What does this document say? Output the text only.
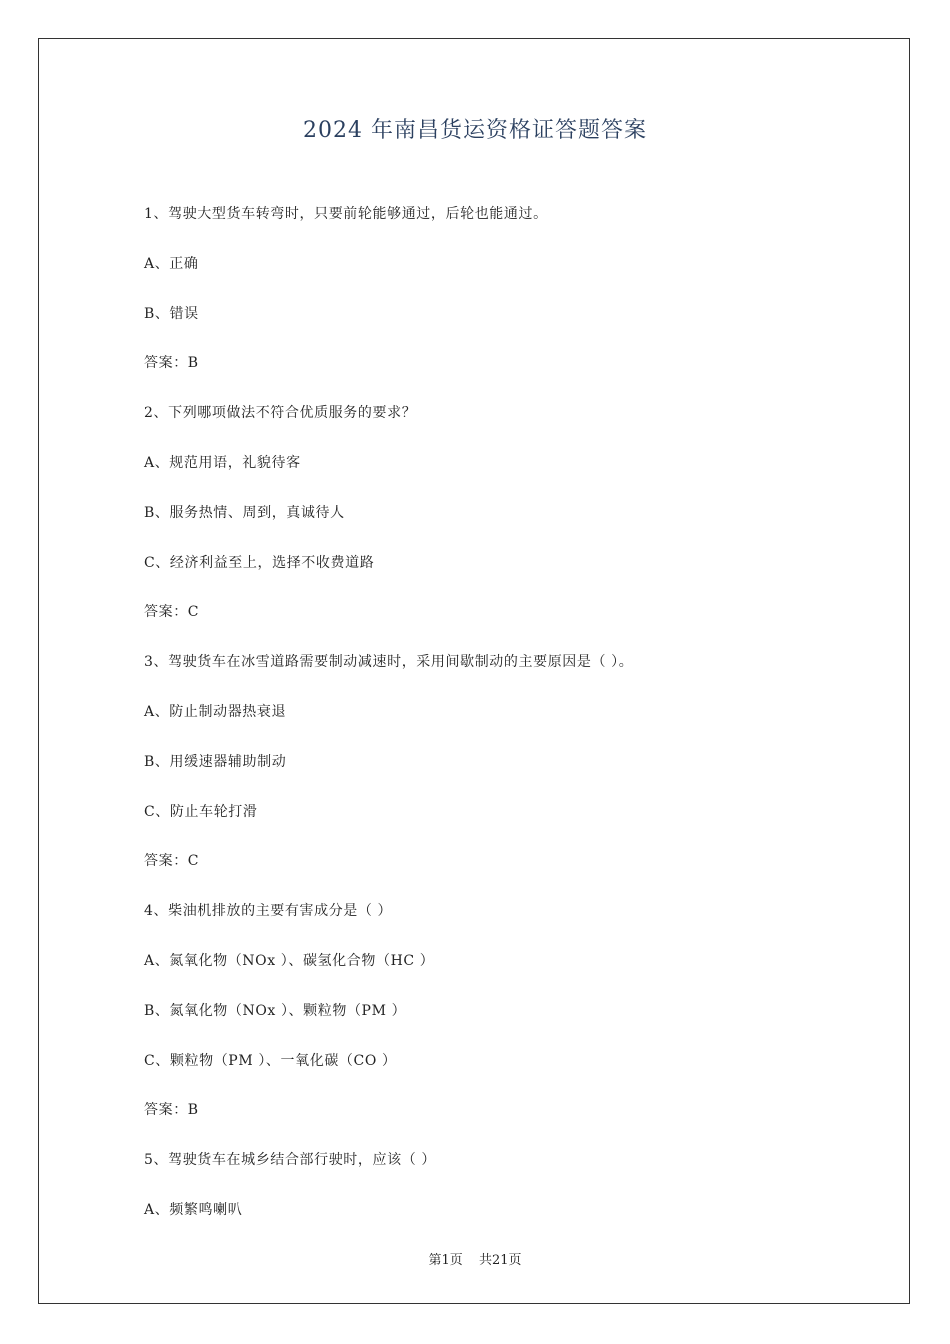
2024 年南昌货运资格证答题答案
1、驾驶大型货车转弯时，只要前轮能够通过，后轮也能通过。
A、正确
B、错误
答案：B
2、下列哪项做法不符合优质服务的要求？
A、规范用语，礼貌待客
B、服务热情、周到，真诚待人
C、经济利益至上，选择不收费道路
答案：C
3、驾驶货车在冰雪道路需要制动减速时，采用间歇制动的主要原因是（ ）。
A、防止制动器热衰退
B、用缓速器辅助制动
C、防止车轮打滑
答案：C
4、柴油机排放的主要有害成分是（ ）
A、氮氧化物（NOx ）、碳氢化合物（HC ）
B、氮氧化物（NOx ）、颗粒物（PM ）
C、颗粒物（PM ）、一氧化碳（CO ）
答案：B
5、驾驶货车在城乡结合部行驶时，应该（ ）
A、频繁鸣喇叭
第1页 共21页
